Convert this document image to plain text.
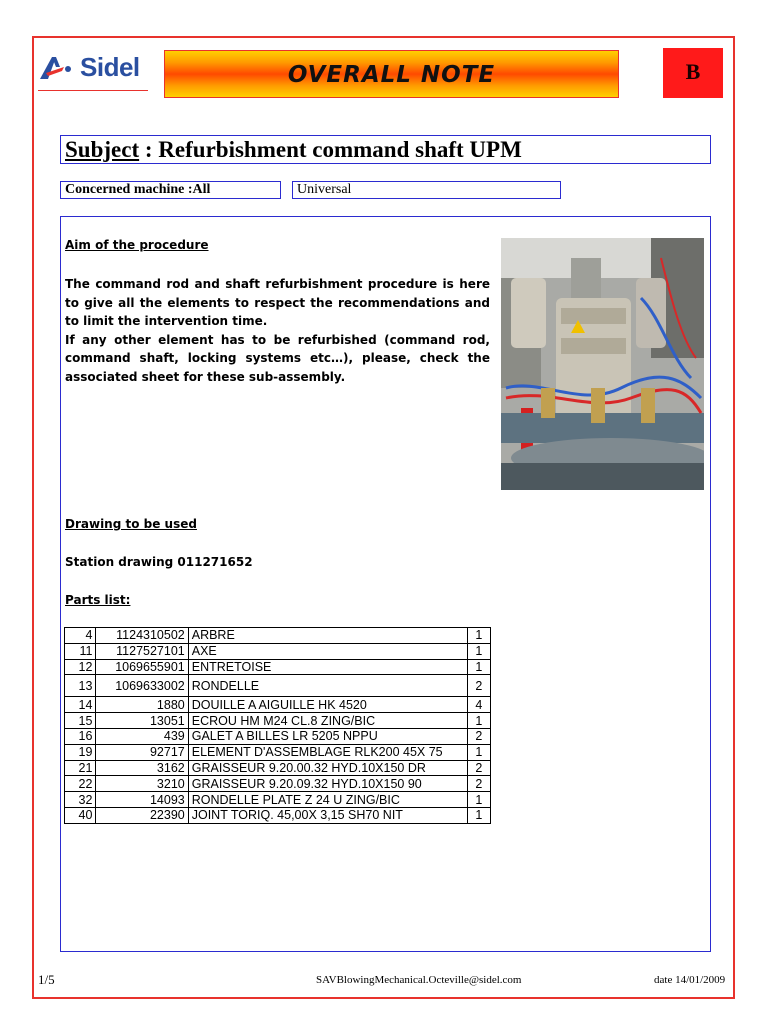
Sidel	OVERALL NOTE	B
Subject : Refurbishment command shaft UPM
Concerned machine :All	Universal
Aim of the procedure

The command rod and shaft refurbishment procedure is here to give all the elements to respect the recommendations and to limit the intervention time.

If any other element has to be refurbished (command rod, command shaft, locking systems etc…), please, check the associated sheet for these sub-assembly.

Drawing to be used
Station drawing 011271652
Parts list:
4	1124310502	ARBRE	1
11	1127527101	AXE	1
12	1069655901	ENTRETOISE	1
13	1069633002	RONDELLE	2
14	1880	DOUILLE A AIGUILLE HK 4520	4
15	13051	ECROU HM M24 CL.8 ZING/BIC	1
16	439	GALET A BILLES LR 5205 NPPU	2
19	92717	ELEMENT D'ASSEMBLAGE RLK200 45X 75	1
21	3162	GRAISSEUR 9.20.00.32 HYD.10X150 DR	2
22	3210	GRAISSEUR 9.20.09.32 HYD.10X150 90	2
32	14093	RONDELLE PLATE Z 24 U ZING/BIC	1
40	22390	JOINT TORIQ. 45,00X 3,15 SH70 NIT	1
1/5	SAVBlowingMechanical.Octeville@sidel.com	date 14/01/2009
